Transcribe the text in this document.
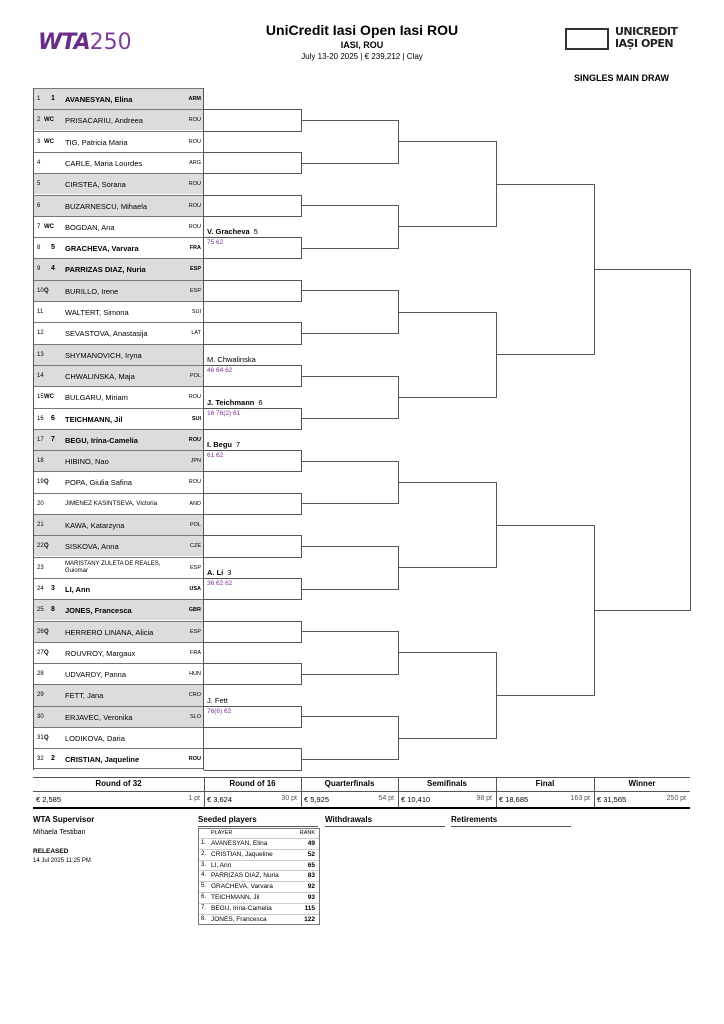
WTA250	UniCredit Iasi Open Iasi ROU
IASI, ROU
July 13-20 2025 | € 239,212 | Clay
UNICREDIT
IAȘI OPEN
SINGLES MAIN DRAW
WTA Supervisor
Mihaela Testiban
RELEASED
14 Jul 2025 11:25 PM
Seeded players	Withdrawals	Retirements
PLAYER	RANK
1. AVANESYAN, Elina	49
2. CRISTIAN, Jaqueline	52
3. LI, Ann	65
4. PARRIZAS DIAZ, Nuria	83
5. GRACHEVA, Varvara	92
6. TEICHMANN, Jil	93
7. BEGU, Irina-Camelia	115
8. JONES, Francesca	122
1 1 AVANESYAN, Elina	ARM
2 WC PRISACARIU, Andreea	ROU
3 WC TIG, Patricia Maria	ROU
4	CARLE, Maria Lourdes	ARG
5	CIRSTEA, Sorana	ROU
6	BUZARNESCU, Mihaela	ROU
7 WC BOGDAN, Ana	ROU
8 5 GRACHEVA, Varvara	FRA
9 4 PARRIZAS DIAZ, Nuria	ESP
10 Q BURILLO, Irene	ESP
11	WALTERT, Simona	SUI
12	SEVASTOVA, Anastasija	LAT
13	SHYMANOVICH, Iryna
14	CHWALINSKA, Maja	POL
15 WC BULGARU, Miriam	ROU
16 6 TEICHMANN, Jil	SUI
17 7 BEGU, Irina-Camelia	ROU
18	HIBINO, Nao	JPN
19 Q POPA, Giulia Safina	ROU
20	JIMENEZ KASINTSEVA, Victoria	AND
21	KAWA, Katarzyna	POL
22 Q SISKOVA, Anna	CZE
23
MARISTANY ZULETA DE REALES,
Guiomar	ESP
24 3 LI, Ann	USA
25 8 JONES, Francesca	GBR
26 Q HERRERO LINANA, Alicia	ESP
27 Q ROUVROY, Margaux	FRA
28	UDVARDY, Panna	HUN
29	FETT, Jana	CRO
30	ERJAVEC, Veronika	SLO
31 Q LODIKOVA, Daria
32 2 CRISTIAN, Jaqueline	ROU
V. Gracheva 5
75 62
M. Chwalinska
46 64 62
J. Teichmann 6
16 76(2) 61
I. Begu 7
61 62
A. Li 3
36 62 62
J. Fett
76(6) 62
Round of 32
€ 2,585	1 pt
Round of 16
€ 3,624	30 pt
Quarterfinals
€ 5,925	54 pt
Semifinals
€ 10,410	98 pt
Final
€ 18,685	163 pt
Winner
€ 31,565	250 pt
